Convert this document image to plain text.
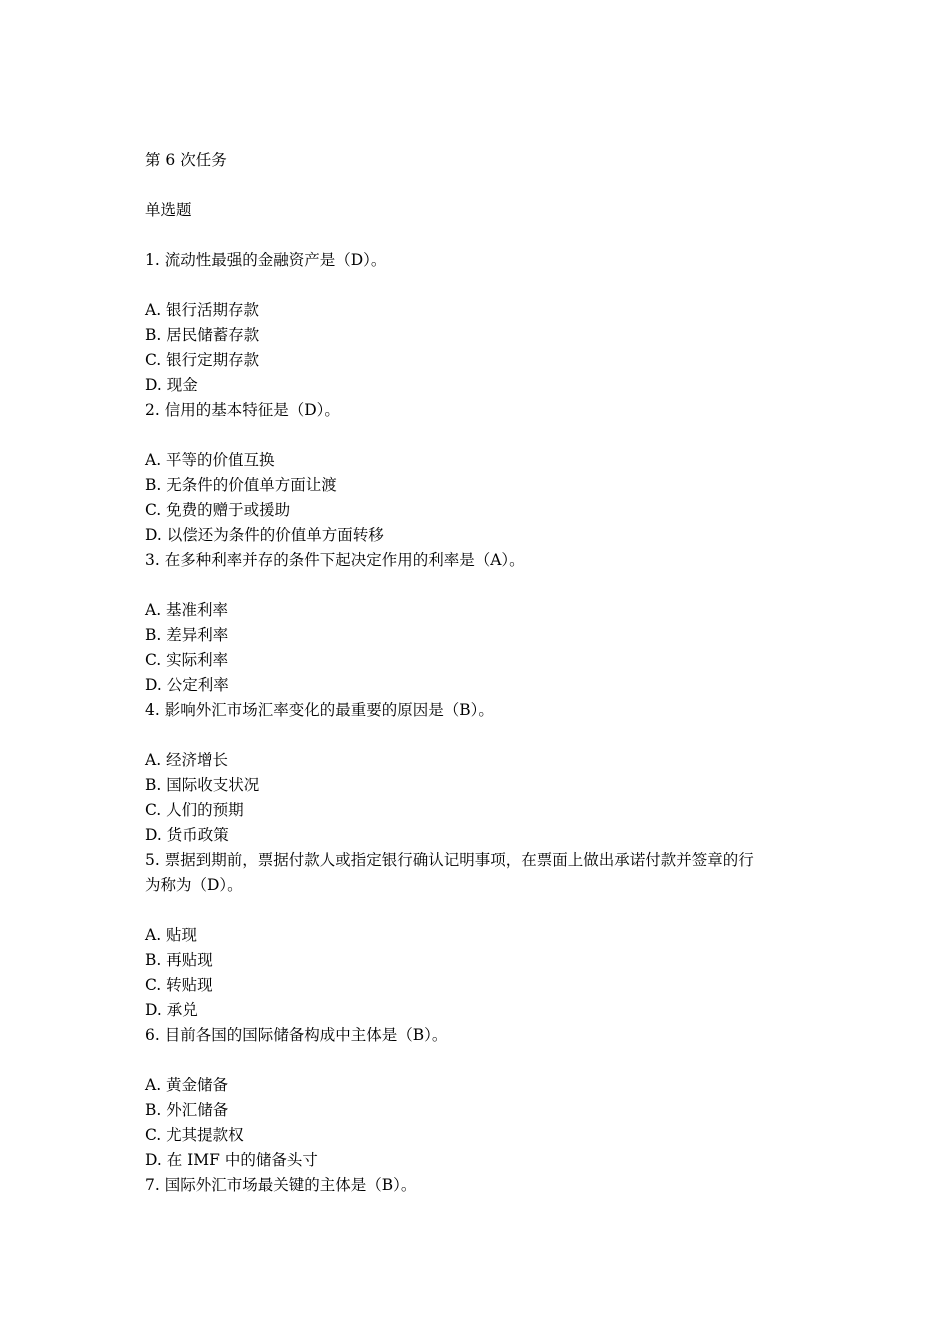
第 6 次任务
单选题
1. 流动性最强的金融资产是（D）。
A. 银行活期存款
B. 居民储蓄存款
C. 银行定期存款
D. 现金
2. 信用的基本特征是（D）。
A. 平等的价值互换
B. 无条件的价值单方面让渡
C. 免费的赠于或援助
D. 以偿还为条件的价值单方面转移
3. 在多种利率并存的条件下起决定作用的利率是（A）。
A. 基准利率
B. 差异利率
C. 实际利率
D. 公定利率
4. 影响外汇市场汇率变化的最重要的原因是（B）。
A. 经济增长
B. 国际收支状况
C. 人们的预期
D. 货币政策
5. 票据到期前，票据付款人或指定银行确认记明事项，在票面上做出承诺付款并签章的行
为称为（D）。
A. 贴现
B. 再贴现
C. 转贴现
D. 承兑
6. 目前各国的国际储备构成中主体是（B）。
A. 黄金储备
B. 外汇储备
C. 尤其提款权
D. 在 IMF 中的储备头寸
7. 国际外汇市场最关键的主体是（B）。
